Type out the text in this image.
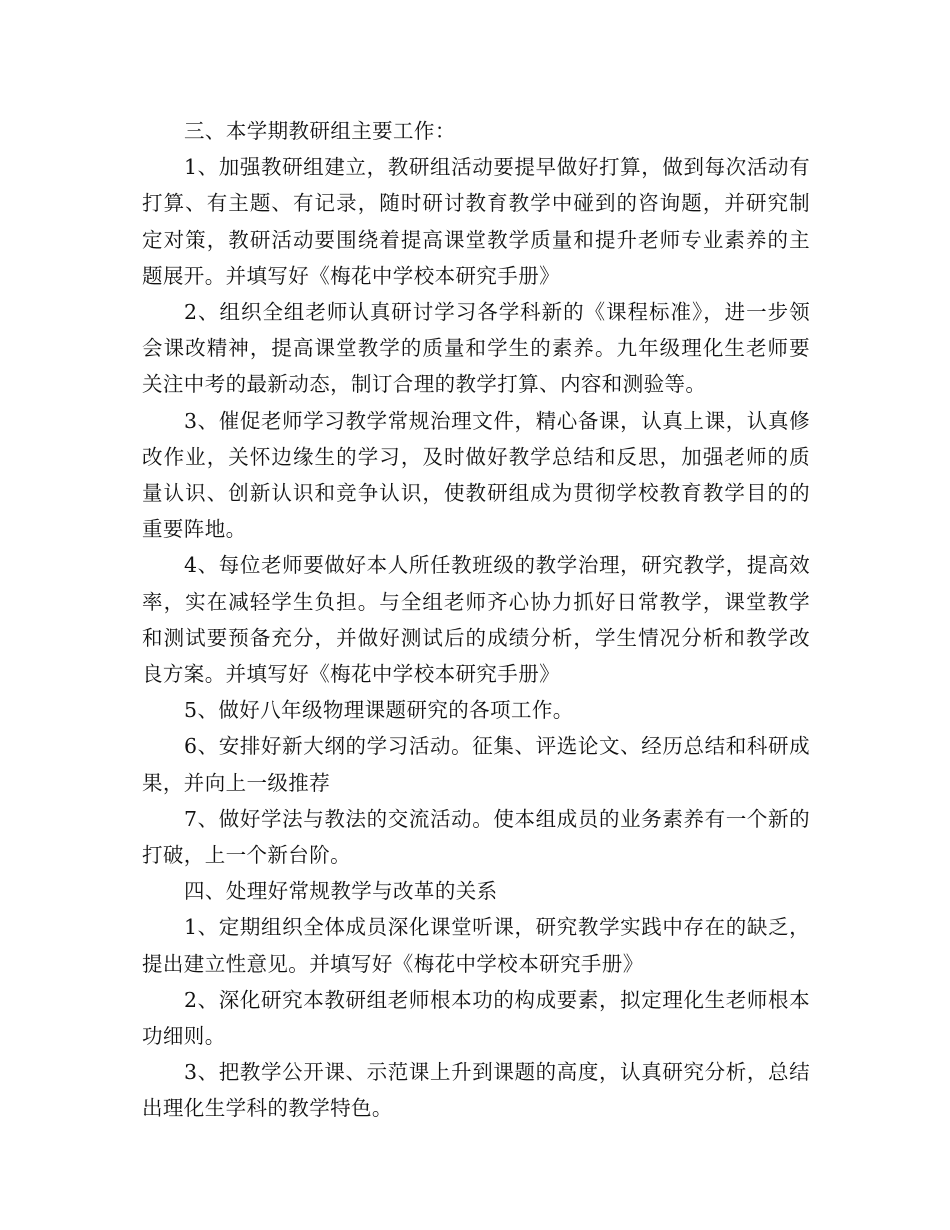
三、本学期教研组主要工作：

1、加强教研组建立，教研组活动要提早做好打算，做到每次活动有打算、有主题、有记录，随时研讨教育教学中碰到的咨询题，并研究制定对策，教研活动要围绕着提高课堂教学质量和提升老师专业素养的主题展开。并填写好《梅花中学校本研究手册》

2、组织全组老师认真研讨学习各学科新的《课程标准》，进一步领会课改精神，提高课堂教学的质量和学生的素养。九年级理化生老师要关注中考的最新动态，制订合理的教学打算、内容和测验等。

3、催促老师学习教学常规治理文件，精心备课，认真上课，认真修改作业，关怀边缘生的学习，及时做好教学总结和反思，加强老师的质量认识、创新认识和竞争认识，使教研组成为贯彻学校教育教学目的的重要阵地。

4、每位老师要做好本人所任教班级的教学治理，研究教学，提高效率，实在减轻学生负担。与全组老师齐心协力抓好日常教学，课堂教学和测试要预备充分，并做好测试后的成绩分析，学生情况分析和教学改良方案。并填写好《梅花中学校本研究手册》

5、做好八年级物理课题研究的各项工作。

6、安排好新大纲的学习活动。征集、评选论文、经历总结和科研成果，并向上一级推荐

7、做好学法与教法的交流活动。使本组成员的业务素养有一个新的打破，上一个新台阶。

四、处理好常规教学与改革的关系

1、定期组织全体成员深化课堂听课，研究教学实践中存在的缺乏，提出建立性意见。并填写好《梅花中学校本研究手册》

2、深化研究本教研组老师根本功的构成要素，拟定理化生老师根本功细则。

3、把教学公开课、示范课上升到课题的高度，认真研究分析，总结出理化生学科的教学特色。
